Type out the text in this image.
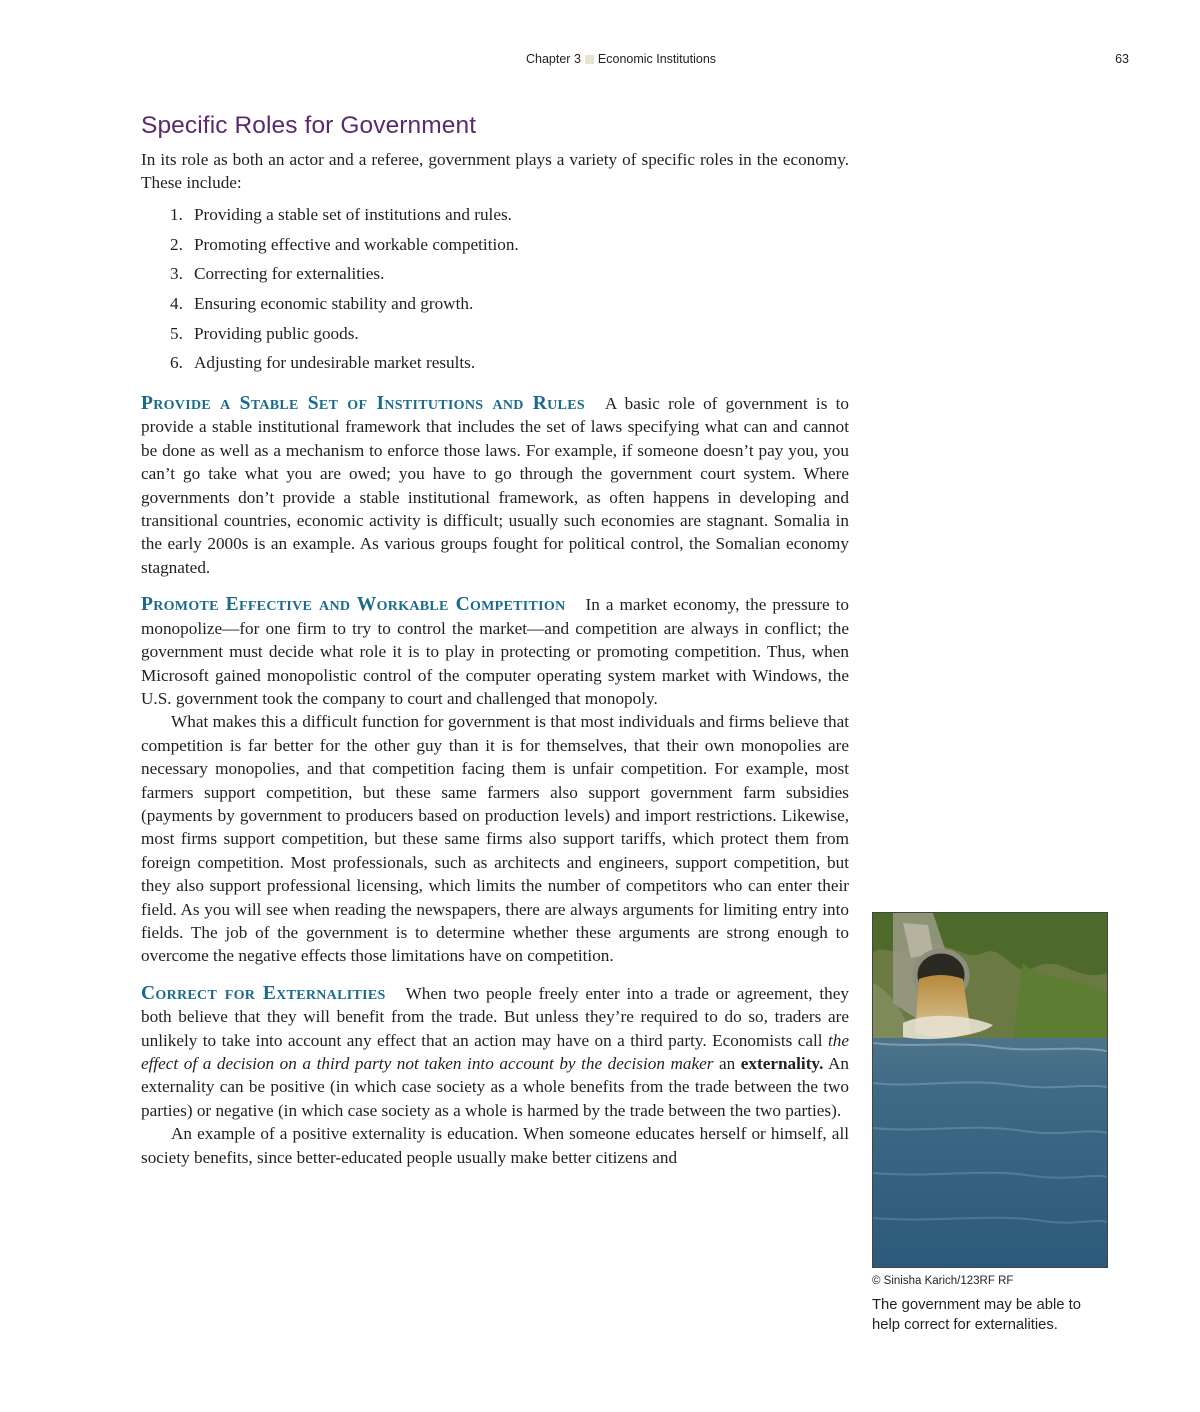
Chapter 3 Economic Institutions	63
Specific Roles for Government

In its role as both an actor and a referee, government plays a variety of specific roles in the economy. These include:

1. Providing a stable set of institutions and rules.
2. Promoting effective and workable competition.
3. Correcting for externalities.
4. Ensuring economic stability and growth.
5. Providing public goods.
6. Adjusting for undesirable market results.

Provide a Stable Set of Institutions and Rules A basic role of government is to provide a stable institutional framework that includes the set of laws specifying what can and cannot be done as well as a mechanism to enforce those laws. For example, if someone doesn’t pay you, you can’t go take what you are owed; you have to go through the government court system. Where governments don’t provide a stable institutional framework, as often happens in developing and transitional countries, economic activity is difficult; usually such economies are stagnant. Somalia in the early 2000s is an example. As various groups fought for political control, the Somalian economy stagnated.

Promote Effective and Workable Competition In a market economy, the pressure to monopolize—for one firm to try to control the market—and competition are always in conflict; the government must decide what role it is to play in protecting or promoting competition. Thus, when Microsoft gained monopolistic control of the computer operating system market with Windows, the U.S. government took the company to court and challenged that monopoly.

What makes this a difficult function for government is that most individuals and firms believe that competition is far better for the other guy than it is for themselves, that their own monopolies are necessary monopolies, and that competition facing them is unfair competition. For example, most farmers support competition, but these same farmers also support government farm subsidies (payments by government to producers based on production levels) and import restrictions. Likewise, most firms support competition, but these same firms also support tariffs, which protect them from foreign competition. Most professionals, such as architects and engineers, support competition, but they also support professional licensing, which limits the number of competitors who can enter their field. As you will see when reading the newspapers, there are always arguments for limiting entry into fields. The job of the government is to determine whether these arguments are strong enough to overcome the negative effects those limitations have on competition.

Correct for Externalities When two people freely enter into a trade or agreement, they both believe that they will benefit from the trade. But unless they’re required to do so, traders are unlikely to take into account any effect that an action may have on a third party. Economists call the effect of a decision on a third party not taken into account by the decision maker an externality. An externality can be positive (in which case society as a whole benefits from the trade between the two parties) or negative (in which case society as a whole is harmed by the trade between the two parties).

An example of a positive externality is education. When someone educates herself or himself, all society benefits, since better-educated people usually make better citizens and

© Sinisha Karich/123RF RF
The government may be able to help correct for externalities.
